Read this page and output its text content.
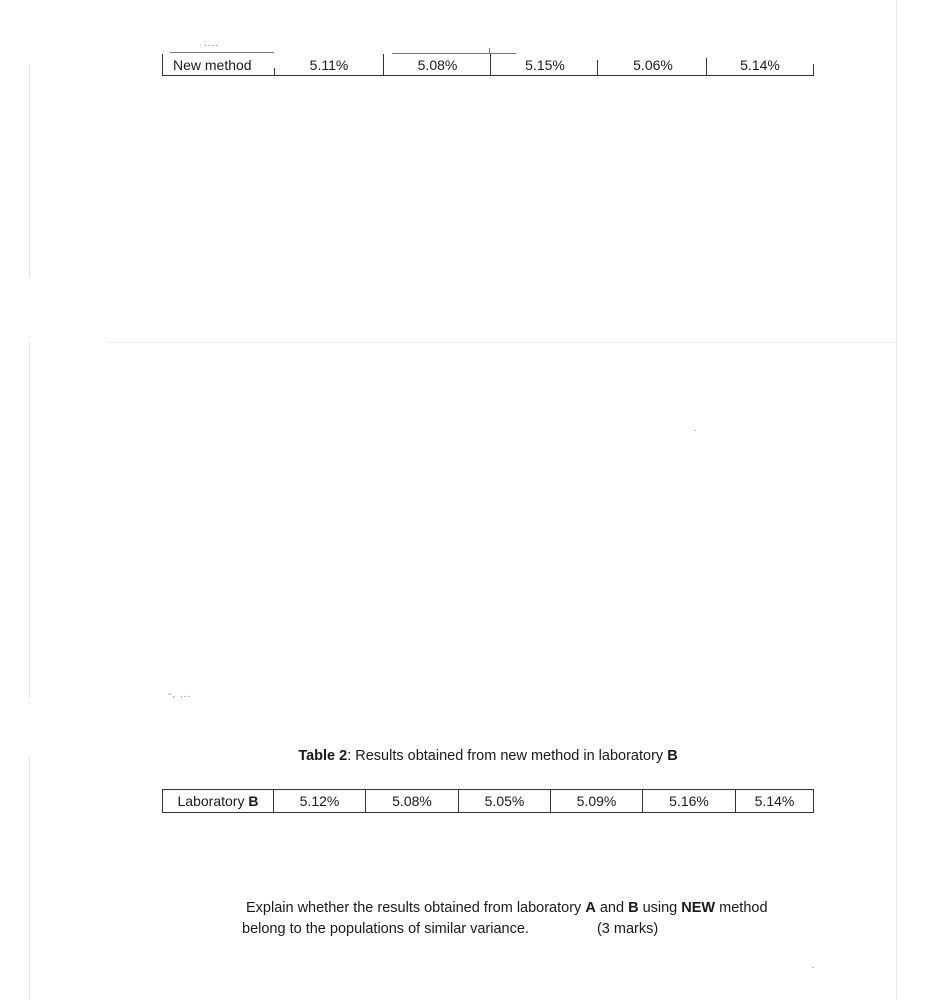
....
New method	5.11%	5.08%	5.15%	5.06%	5.14%
-, ...
Table 2: Results obtained from new method in laboratory B
Laboratory B	5.12%	5.08%	5.05%	5.09%	5.16%	5.14%
Explain whether the results obtained from laboratory A and B using NEW method
belong to the populations of similar variance.	(3 marks)
